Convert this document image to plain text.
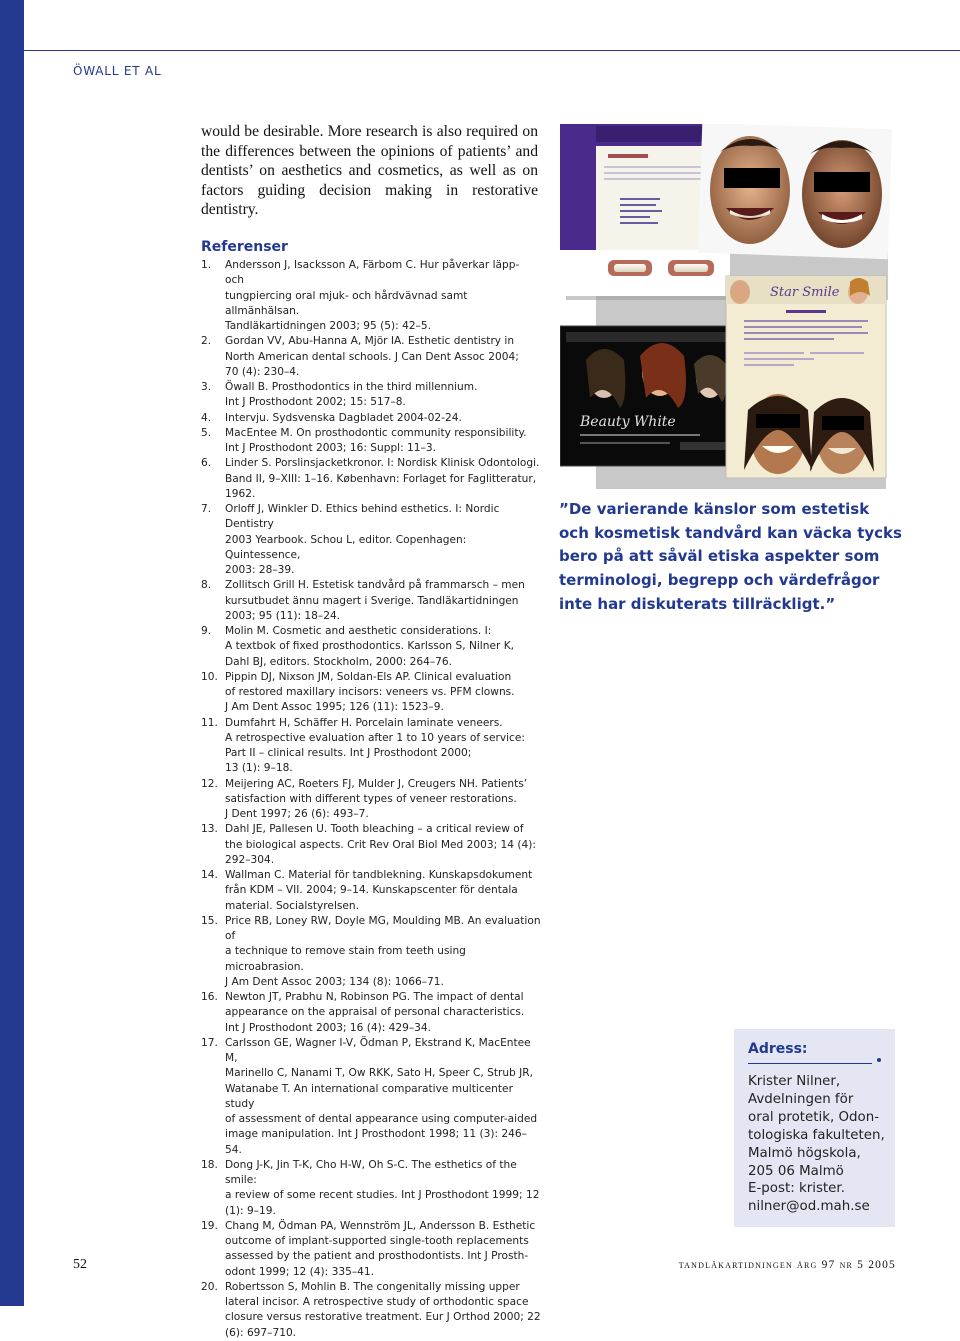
ÖWALL ET AL
would be desirable. More research is also required on the differences between the opinions of patients’ and dentists’ on aesthetics and cosmetics, as well as on factors guiding decision making in restorative dentistry.
Referenser
1. Andersson J, Isacksson A, Färbom C. Hur påverkar läpp- och
tungpiercing oral mjuk- och hårdvävnad samt allmänhälsan.
Tandläkartidningen 2003; 95 (5): 42–5.
2. Gordan VV, Abu-Hanna A, Mjör IA. Esthetic dentistry in
North American dental schools. J Can Dent Assoc 2004;
70 (4): 230–4.
3. Öwall B. Prosthodontics in the third millennium.
Int J Prosthodont 2002; 15: 517–8.
4. Intervju. Sydsvenska Dagbladet 2004-02-24.
5. MacEntee M. On prosthodontic community responsibility.
Int J Prosthodont 2003; 16: Suppl: 11–3.
6. Linder S. Porslinsjacketkronor. I: Nordisk Klinisk Odontologi.
Band II, 9–XIII: 1–16. København: Forlaget for Faglitteratur,
1962.
7. Orloff J, Winkler D. Ethics behind esthetics. I: Nordic Dentistry
2003 Yearbook. Schou L, editor. Copenhagen: Quintessence,
2003: 28–39.
8. Zollitsch Grill H. Estetisk tandvård på frammarsch – men
kursutbudet ännu magert i Sverige. Tandläkartidningen
2003; 95 (11): 18–24.
9. Molin M. Cosmetic and aesthetic considerations. I:
A textbok of fixed prosthodontics. Karlsson S, Nilner K,
Dahl BJ, editors. Stockholm, 2000: 264–76.
10. Pippin DJ, Nixson JM, Soldan-Els AP. Clinical evaluation
of restored maxillary incisors: veneers vs. PFM clowns.
J Am Dent Assoc 1995; 126 (11): 1523–9.
11. Dumfahrt H, Schäffer H. Porcelain laminate veneers.
A retrospective evaluation after 1 to 10 years of service:
Part II – clinical results. Int J Prosthodont 2000;
13 (1): 9–18.
12. Meijering AC, Roeters FJ, Mulder J, Creugers NH. Patients’
satisfaction with different types of veneer restorations.
J Dent 1997; 26 (6): 493–7.
13. Dahl JE, Pallesen U. Tooth bleaching – a critical review of
the biological aspects. Crit Rev Oral Biol Med 2003; 14 (4):
292–304.
14. Wallman C. Material för tandblekning. Kunskapsdokument
från KDM – VII. 2004; 9–14. Kunskapscenter för dentala
material. Socialstyrelsen.
15. Price RB, Loney RW, Doyle MG, Moulding MB. An evaluation of
a technique to remove stain from teeth using microabrasion.
J Am Dent Assoc 2003; 134 (8): 1066–71.
16. Newton JT, Prabhu N, Robinson PG. The impact of dental
appearance on the appraisal of personal characteristics.
Int J Prosthodont 2003; 16 (4): 429–34.
17. Carlsson GE, Wagner I-V, Ödman P, Ekstrand K, MacEntee M,
Marinello C, Nanami T, Ow RKK, Sato H, Speer C, Strub JR,
Watanabe T. An international comparative multicenter study
of assessment of dental appearance using computer-aided
image manipulation. Int J Prosthodont 1998; 11 (3): 246–54.
18. Dong J-K, Jin T-K, Cho H-W, Oh S-C. The esthetics of the smile:
a review of some recent studies. Int J Prosthodont 1999; 12
(1): 9–19.
19. Chang M, Ödman PA, Wennström JL, Andersson B. Esthetic
outcome of implant-supported single-tooth replacements
assessed by the patient and prosthodontists. Int J Prosth-
odont 1999; 12 (4): 335–41.
20. Robertsson S, Mohlin B. The congenitally missing upper
lateral incisor. A retrospective study of orthodontic space
closure versus restorative treatment. Eur J Orthod 2000; 22
(6): 697–710.
Beauty White
Star Smile
”De varierande känslor som estetisk och kosmetisk tandvård kan väcka tycks bero på att såväl etiska aspekter som terminologi, begrepp och värdefrågor inte har diskuterats tillräckligt.”
Adress:
Krister Nilner,
Avdelningen för
oral protetik, Odon-
tologiska fakulteten,
Malmö högskola,
205 06 Malmö
E-post: krister.
nilner@od.mah.se
52	tandläkartidningen årg 97 nr 5 2005
